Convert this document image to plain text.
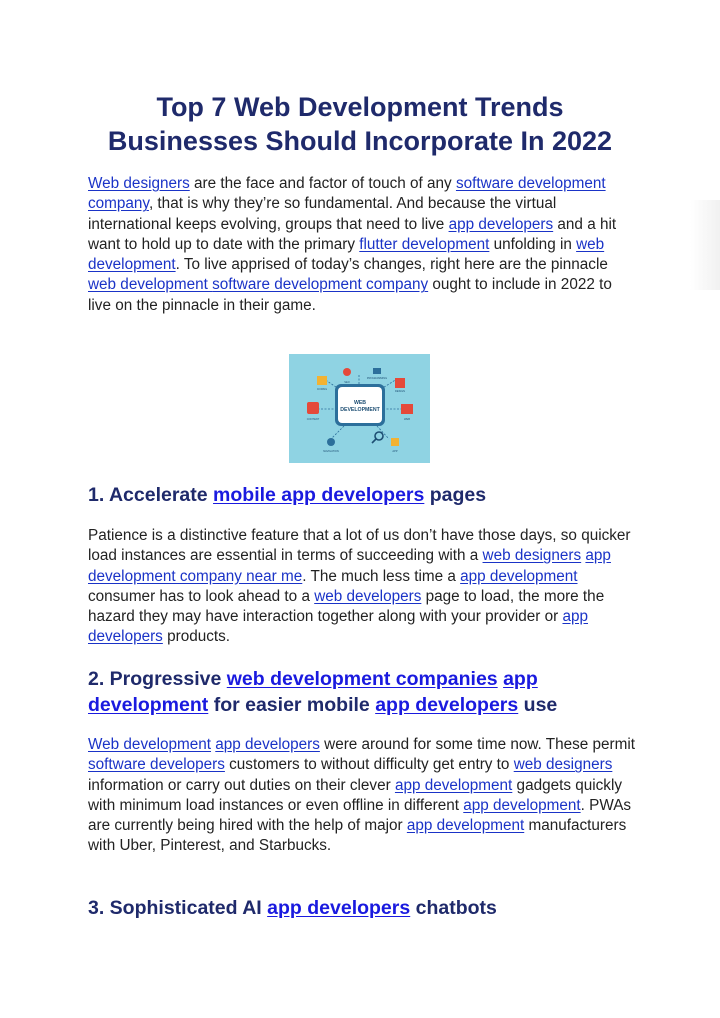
Top 7 Web Development Trends
Businesses Should Incorporate In 2022

Web designers are the face and factor of touch of any software development company, that is why they’re so fundamental. And because the virtual international keeps evolving, groups that need to live app developers and a hit want to hold up to date with the primary flutter development unfolding in web development. To live apprised of today’s changes, right here are the pinnacle web development software development company ought to include in 2022 to live on the pinnacle in their game.

WEB
DEVELOPMENT
SEO
PROGRAMMING
CODING
DESIGN
CONTENT	WEB
NAVIGATION	APP
1. Accelerate mobile app developers pages

Patience is a distinctive feature that a lot of us don’t have those days, so quicker load instances are essential in terms of succeeding with a web designers app development company near me. The much less time a app development consumer has to look ahead to a web developers page to load, the more the hazard they may have interaction together along with your provider or app developers products.

2. Progressive web development companies app development for easier mobile app developers use

Web development app developers were around for some time now. These permit software developers customers to without difficulty get entry to web designers information or carry out duties on their clever app development gadgets quickly with minimum load instances or even offline in different app development. PWAs are currently being hired with the help of major app development manufacturers with Uber, Pinterest, and Starbucks.

3. Sophisticated AI app developers chatbots
